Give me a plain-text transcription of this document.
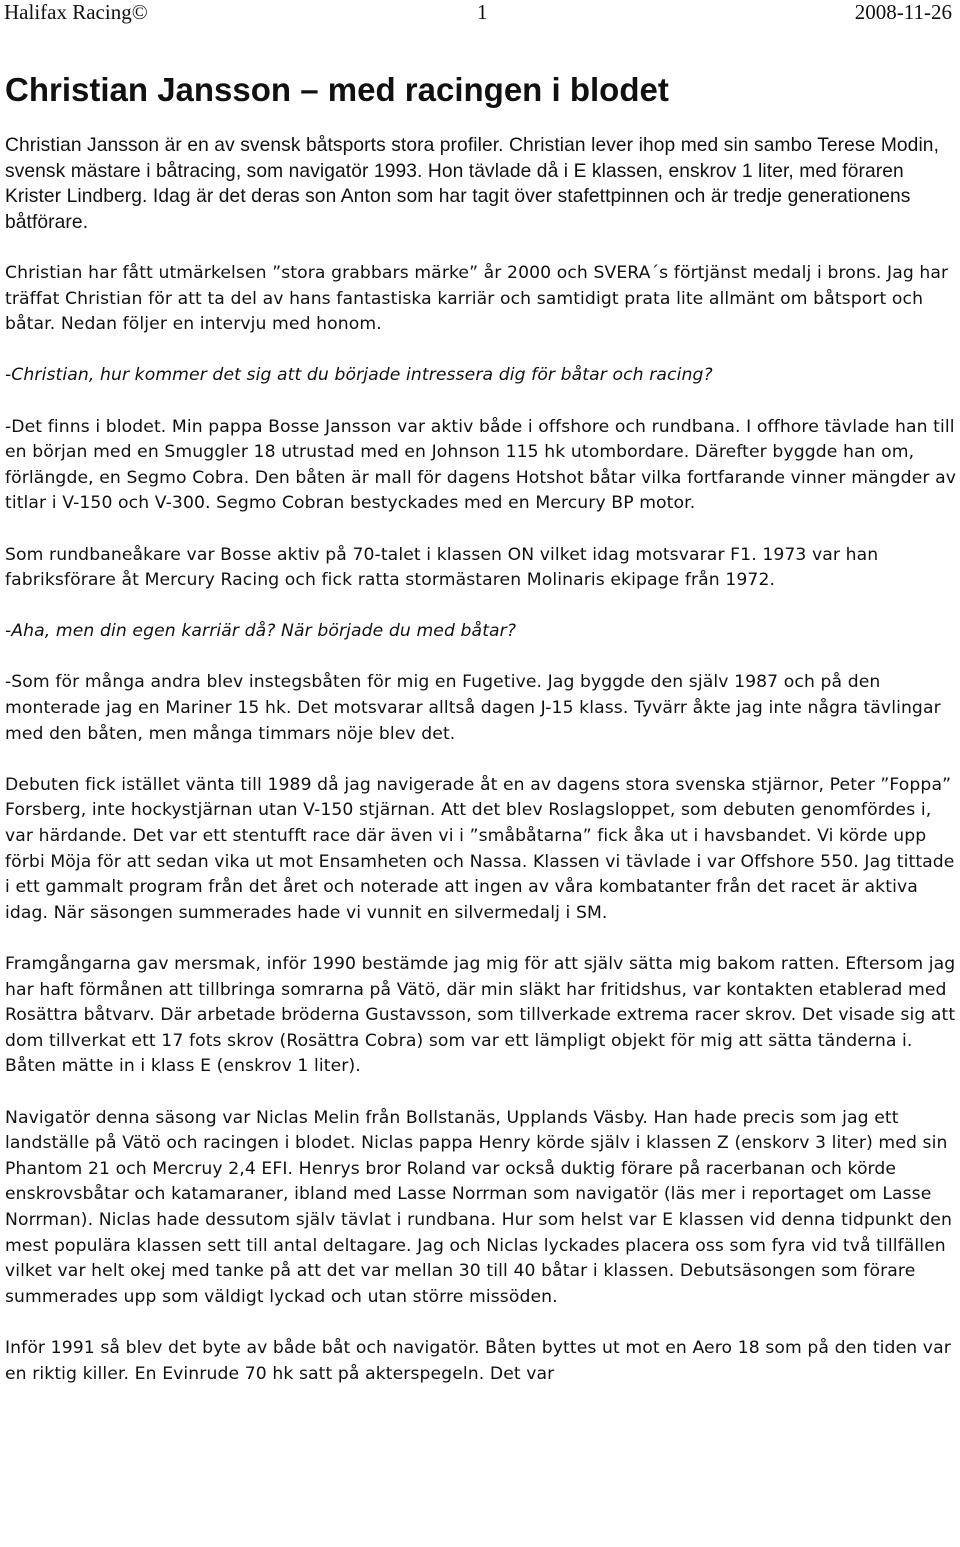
Halifax Racing©	1	2008-11-26
Christian Jansson – med racingen i blodet

Christian Jansson är en av svensk båtsports stora profiler. Christian lever ihop med sin sambo Terese Modin, svensk mästare i båtracing, som navigatör 1993. Hon tävlade då i E klassen, enskrov 1 liter, med föraren Krister Lindberg. Idag är det deras son Anton som har tagit över stafettpinnen och är tredje generationens båtförare.

Christian har fått utmärkelsen ”stora grabbars märke” år 2000 och SVERA´s förtjänst medalj i brons. Jag har träffat Christian för att ta del av hans fantastiska karriär och samtidigt prata lite allmänt om båtsport och båtar. Nedan följer en intervju med honom.

-Christian, hur kommer det sig att du började intressera dig för båtar och racing?

-Det finns i blodet. Min pappa Bosse Jansson var aktiv både i offshore och rundbana. I offhore tävlade han till en början med en Smuggler 18 utrustad med en Johnson 115 hk utombordare. Därefter byggde han om, förlängde, en Segmo Cobra. Den båten är mall för dagens Hotshot båtar vilka fortfarande vinner mängder av titlar i V-150 och V-300. Segmo Cobran bestyckades med en Mercury BP motor.

Som rundbaneåkare var Bosse aktiv på 70-talet i klassen ON vilket idag motsvarar F1. 1973 var han fabriksförare åt Mercury Racing och fick ratta stormästaren Molinaris ekipage från 1972.

-Aha, men din egen karriär då? När började du med båtar?

-Som för många andra blev instegsbåten för mig en Fugetive. Jag byggde den själv 1987 och på den monterade jag en Mariner 15 hk. Det motsvarar alltså dagen J-15 klass. Tyvärr åkte jag inte några tävlingar med den båten, men många timmars nöje blev det.

Debuten fick istället vänta till 1989 då jag navigerade åt en av dagens stora svenska stjärnor, Peter ”Foppa” Forsberg, inte hockystjärnan utan V-150 stjärnan. Att det blev Roslagsloppet, som debuten genomfördes i, var härdande. Det var ett stentufft race där även vi i ”småbåtarna” fick åka ut i havsbandet. Vi körde upp förbi Möja för att sedan vika ut mot Ensamheten och Nassa. Klassen vi tävlade i var Offshore 550. Jag tittade i ett gammalt program från det året och noterade att ingen av våra kombatanter från det racet är aktiva idag. När säsongen summerades hade vi vunnit en silvermedalj i SM.

Framgångarna gav mersmak, inför 1990 bestämde jag mig för att själv sätta mig bakom ratten. Eftersom jag har haft förmånen att tillbringa somrarna på Vätö, där min släkt har fritidshus, var kontakten etablerad med Rosättra båtvarv. Där arbetade bröderna Gustavsson, som tillverkade extrema racer skrov. Det visade sig att dom tillverkat ett 17 fots skrov (Rosättra Cobra) som var ett lämpligt objekt för mig att sätta tänderna i. Båten mätte in i klass E (enskrov 1 liter).

Navigatör denna säsong var Niclas Melin från Bollstanäs, Upplands Väsby. Han hade precis som jag ett landställe på Vätö och racingen i blodet. Niclas pappa Henry körde själv i klassen Z (enskorv 3 liter) med sin Phantom 21 och Mercruy 2,4 EFI. Henrys bror Roland var också duktig förare på racerbanan och körde enskrovsbåtar och katamaraner, ibland med Lasse Norrman som navigatör (läs mer i reportaget om Lasse Norrman). Niclas hade dessutom själv tävlat i rundbana. Hur som helst var E klassen vid denna tidpunkt den mest populära klassen sett till antal deltagare. Jag och Niclas lyckades placera oss som fyra vid två tillfällen vilket var helt okej med tanke på att det var mellan 30 till 40 båtar i klassen. Debutsäsongen som förare summerades upp som väldigt lyckad och utan större missöden.

Inför 1991 så blev det byte av både båt och navigatör. Båten byttes ut mot en Aero 18 som på den tiden var en riktig killer. En Evinrude 70 hk satt på akterspegeln. Det var
